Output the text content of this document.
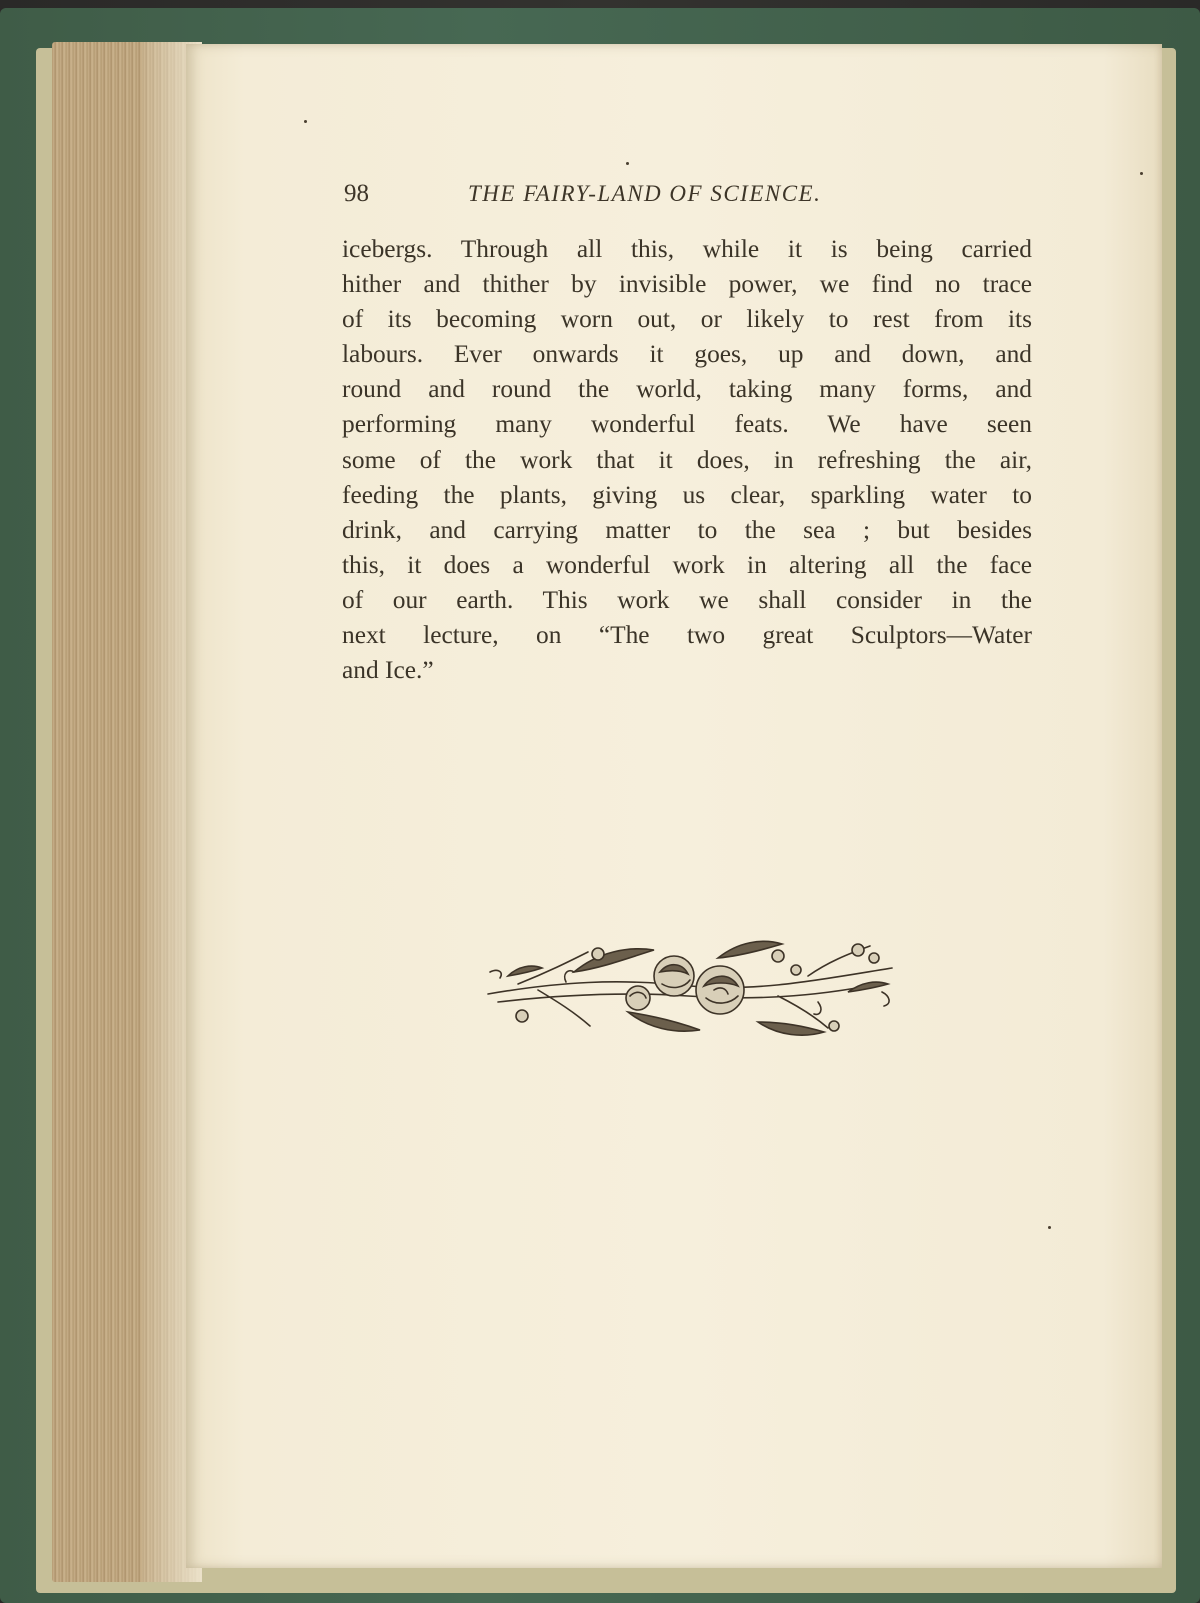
98	THE FAIRY-LAND OF SCIENCE.
icebergs. Through all this, while it is being carried
hither and thither by invisible power, we find no trace
of its becoming worn out, or likely to rest from its
labours. Ever onwards it goes, up and down, and
round and round the world, taking many forms, and
performing many wonderful feats. We have seen
some of the work that it does, in refreshing the air,
feeding the plants, giving us clear, sparkling water to
drink, and carrying matter to the sea ; but besides
this, it does a wonderful work in altering all the face
of our earth. This work we shall consider in the
next lecture, on “The two great Sculptors—Water
and Ice.”
